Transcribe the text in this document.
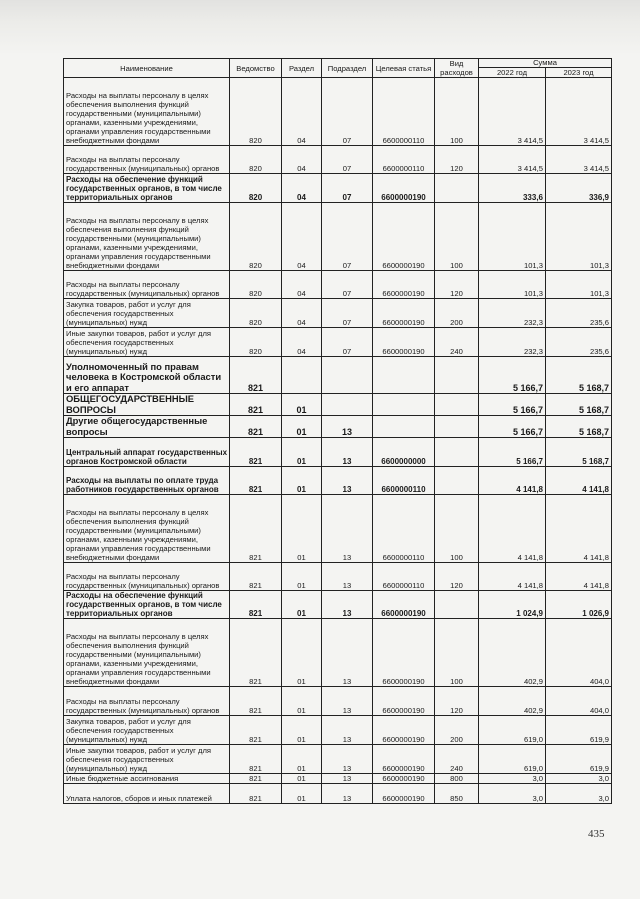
Наименование	Ведомство	Раздел	Подраздел	Целевая статья	Вид расходов	Сумма	
						2022 год	2023 год
Расходы на выплаты персоналу в целях обеспечения выполнения функций государственными (муниципальными) органами, казенными учреждениями, органами управления государственными внебюджетными фондами	820	04	07	6600000110	100	3 414,5	3 414,5
Расходы на выплаты персоналу государственных (муниципальных) органов	820	04	07	6600000110	120	3 414,5	3 414,5
Расходы на обеспечение функций государственных органов, в том числе территориальных органов	820	04	07	6600000190		333,6	336,9
Расходы на выплаты персоналу в целях обеспечения выполнения функций государственными (муниципальными) органами, казенными учреждениями, органами управления государственными внебюджетными фондами	820	04	07	6600000190	100	101,3	101,3
Расходы на выплаты персоналу государственных (муниципальных) органов	820	04	07	6600000190	120	101,3	101,3
Закупка товаров, работ и услуг для обеспечения государственных (муниципальных) нужд	820	04	07	6600000190	200	232,3	235,6
Иные закупки товаров, работ и услуг для обеспечения государственных (муниципальных) нужд	820	04	07	6600000190	240	232,3	235,6
Уполномоченный по правам человека в Костромской области и его аппарат	821					5 166,7	5 168,7
ОБЩЕГОСУДАРСТВЕННЫЕ ВОПРОСЫ	821	01				5 166,7	5 168,7
Другие общегосударственные вопросы	821	01	13			5 166,7	5 168,7
Центральный аппарат государственных органов Костромской области	821	01	13	6600000000		5 166,7	5 168,7
Расходы на выплаты по оплате труда работников государственных органов	821	01	13	6600000110		4 141,8	4 141,8
Расходы на выплаты персоналу в целях обеспечения выполнения функций государственными (муниципальными) органами, казенными учреждениями, органами управления государственными внебюджетными фондами	821	01	13	6600000110	100	4 141,8	4 141,8
Расходы на выплаты персоналу государственных (муниципальных) органов	821	01	13	6600000110	120	4 141,8	4 141,8
Расходы на обеспечение функций государственных органов, в том числе территориальных органов	821	01	13	6600000190		1 024,9	1 026,9
Расходы на выплаты персоналу в целях обеспечения выполнения функций государственными (муниципальными) органами, казенными учреждениями, органами управления государственными внебюджетными фондами	821	01	13	6600000190	100	402,9	404,0
Расходы на выплаты персоналу государственных (муниципальных) органов	821	01	13	6600000190	120	402,9	404,0
Закупка товаров, работ и услуг для обеспечения государственных (муниципальных) нужд	821	01	13	6600000190	200	619,0	619,9
Иные закупки товаров, работ и услуг для обеспечения государственных (муниципальных) нужд	821	01	13	6600000190	240	619,0	619,9
Иные бюджетные ассигнования	821	01	13	6600000190	800	3,0	3,0
Уплата налогов, сборов и иных платежей	821	01	13	6600000190	850	3,0	3,0
435
